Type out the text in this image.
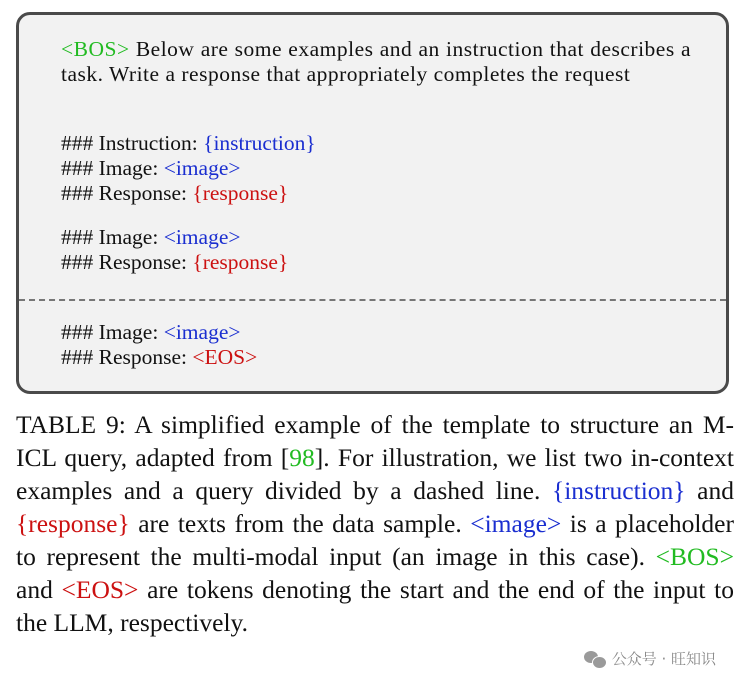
<BOS> Below are some examples and an instruction that describes a task. Write a response that appropriately completes the request
### Instruction: {instruction}
### Image: <image>
### Response: {response}
### Image: <image>
### Response: {response}
### Image: <image>
### Response: <EOS>

TABLE 9: A simplified example of the template to structure an M-ICL query, adapted from [98]. For illustration, we list two in-context examples and a query divided by a dashed line. {instruction} and {response} are texts from the data sample. <image> is a placeholder to represent the multi-modal input (an image in this case). <BOS> and <EOS> are tokens denoting the start and the end of the input to the LLM, respectively.

公众号 · 旺知识
